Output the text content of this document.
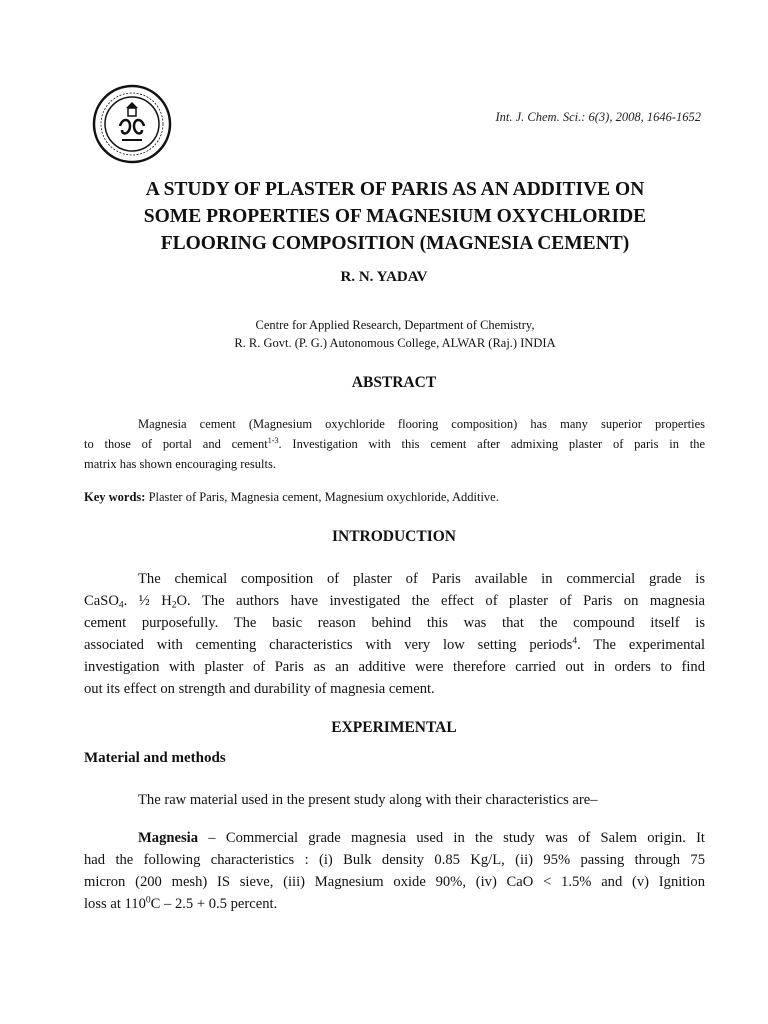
Int. J. Chem. Sci.: 6(3), 2008, 1646-1652
A STUDY OF PLASTER OF PARIS AS AN ADDITIVE ON
SOME PROPERTIES OF MAGNESIUM OXYCHLORIDE
FLOORING COMPOSITION (MAGNESIA CEMENT)
R. N. YADAV
Centre for Applied Research, Department of Chemistry,
R. R. Govt. (P. G.) Autonomous College, ALWAR (Raj.) INDIA
ABSTRACT
Magnesia cement (Magnesium oxychloride flooring composition) has many superior properties
to those of portal and cement$^{1-3}$. Investigation with this cement after admixing plaster of paris in the
matrix has shown encouraging results.
Key words: Plaster of Paris, Magnesia cement, Magnesium oxychloride, Additive.
INTRODUCTION
The chemical composition of plaster of Paris available in commercial grade is
CaSO$_4$. ½ $H_2O$. The authors have investigated the effect of plaster of Paris on magnesia
cement purposefully. The basic reason behind this was that the compound itself is
associated with cementing characteristics with very low setting periods$^4$. The experimental
investigation with plaster of Paris as an additive were therefore carried out in orders to find
out its effect on strength and durability of magnesia cement.
EXPERIMENTAL
Material and methods
The raw material used in the present study along with their characteristics are–
Magnesia – Commercial grade magnesia used in the study was of Salem origin. It
had the following characteristics : (i) Bulk density 0.85 Kg/L, (ii) 95% passing through 75
micron (200 mesh) IS sieve, (iii) Magnesium oxide 90%, (iv) CaO < 1.5% and (v) Ignition
loss at $110^0C - 2.5 + 0.5$ percent.
